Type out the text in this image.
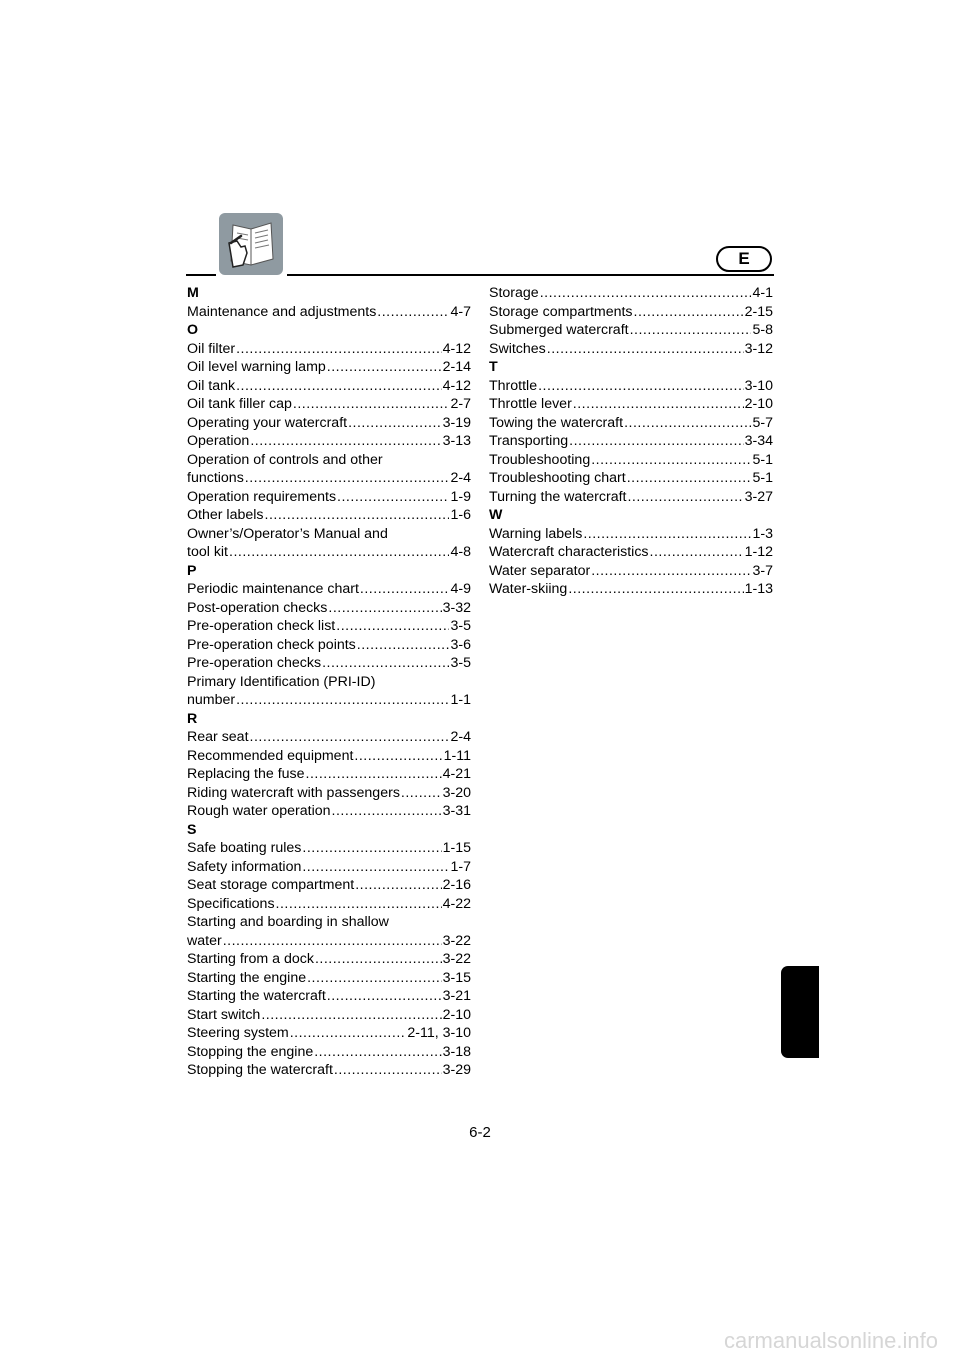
E
M
Maintenance and adjustments .....	4-7
O
Oil filter .....	4-12
Oil level warning lamp .....	2-14
Oil tank .....	4-12
Oil tank filler cap .....	2-7
Operating your watercraft .....	3-19
Operation .....	3-13
Operation of controls and other
functions .....	2-4
Operation requirements .....	1-9
Other labels .....	1-6
Owner’s/Operator’s Manual and
tool kit .....	4-8
P
Periodic maintenance chart .....	4-9
Post-operation checks .....	3-32
Pre-operation check list .....	3-5
Pre-operation check points .....	3-6
Pre-operation checks .....	3-5
Primary Identification (PRI-ID)
number .....	1-1
R
Rear seat .....	2-4
Recommended equipment .....	1-11
Replacing the fuse .....	4-21
Riding watercraft with passengers .....	3-20
Rough water operation .....	3-31
S
Safe boating rules .....	1-15
Safety information .....	1-7
Seat storage compartment .....	2-16
Specifications .....	4-22
Starting and boarding in shallow
water .....	3-22
Starting from a dock .....	3-22
Starting the engine .....	3-15
Starting the watercraft .....	3-21
Start switch .....	2-10
Steering system .....	2-11, 3-10
Stopping the engine .....	3-18
Stopping the watercraft .....	3-29
Storage .....	4-1
Storage compartments .....	2-15
Submerged watercraft .....	5-8
Switches .....	3-12
T
Throttle .....	3-10
Throttle lever .....	2-10
Towing the watercraft .....	5-7
Transporting .....	3-34
Troubleshooting .....	5-1
Troubleshooting chart .....	5-1
Turning the watercraft .....	3-27
W
Warning labels .....	1-3
Watercraft characteristics .....	1-12
Water separator .....	3-7
Water-skiing .....	1-13
6-2
carmanualsonline.info
